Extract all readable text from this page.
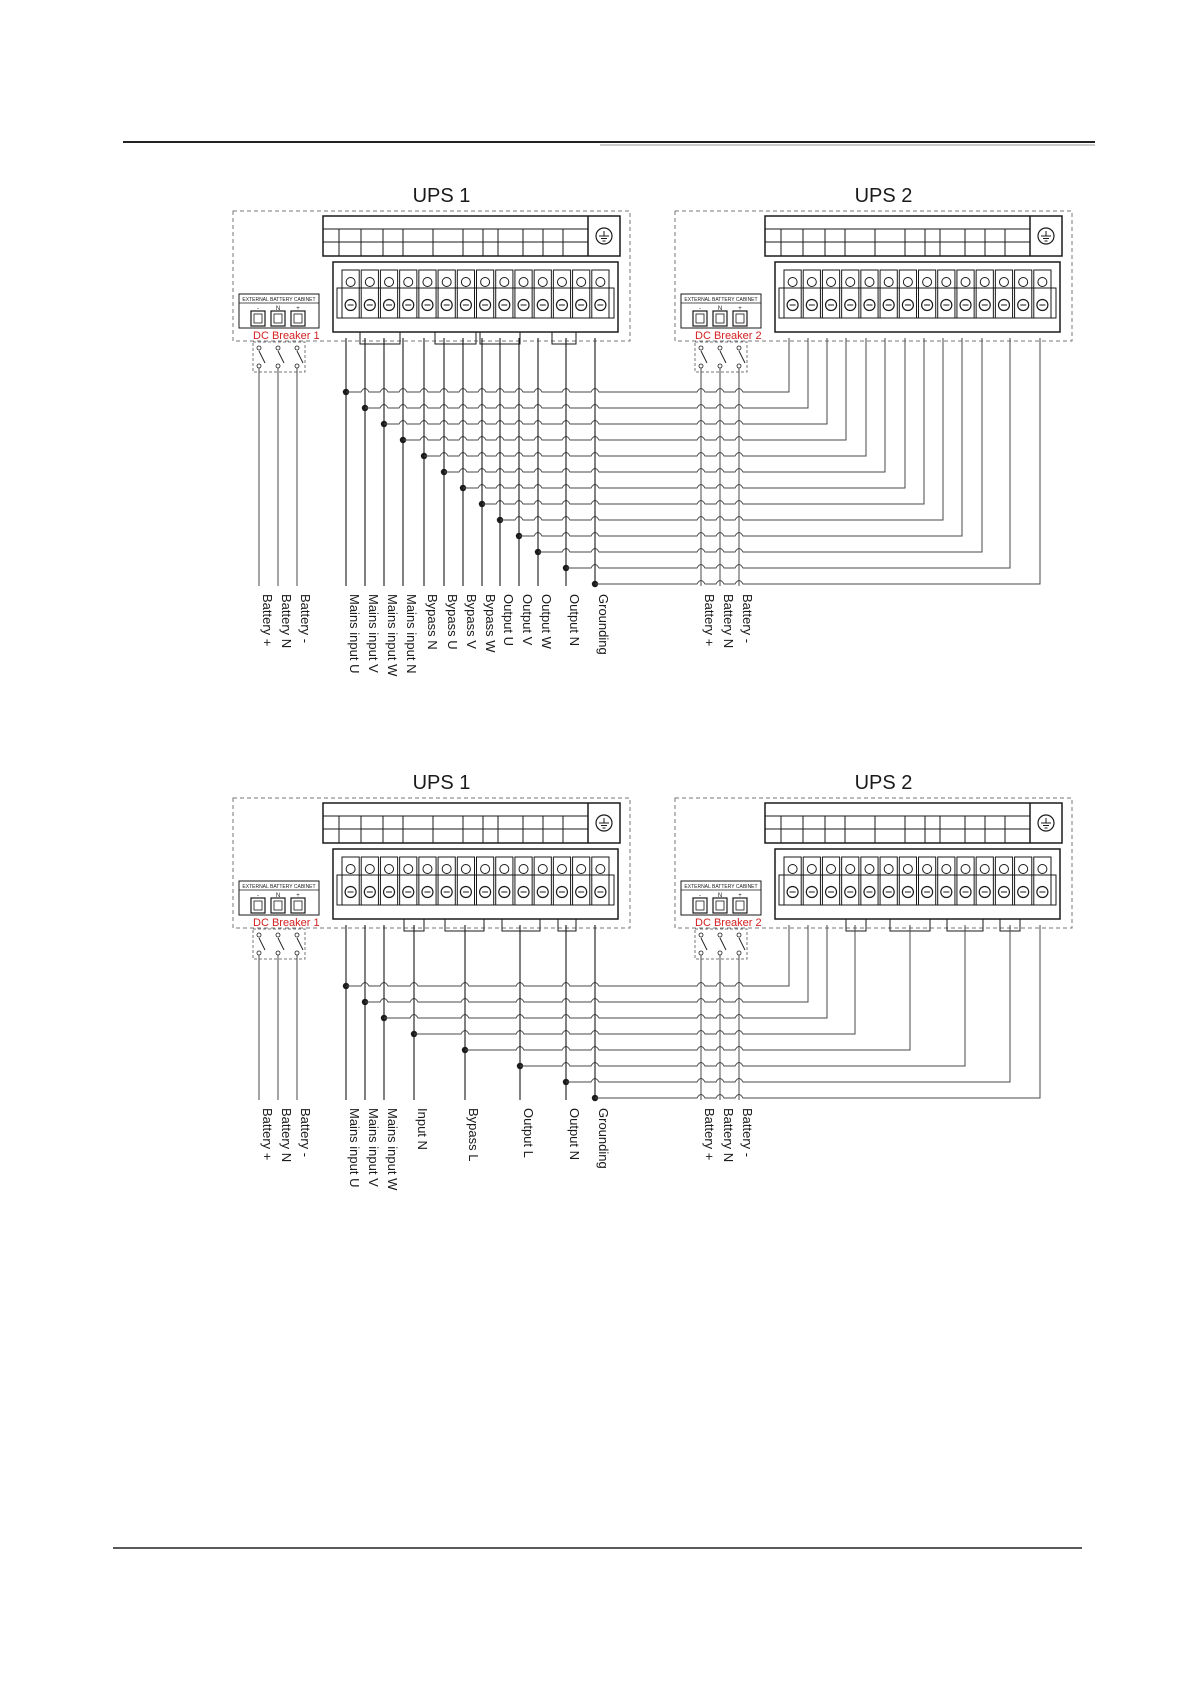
UPS 1
EXTERNAL BATTERY CABINET
-	N	+
DC Breaker 1
UPS 2
EXTERNAL BATTERY CABINET
-	N	+
DC Breaker 2
Battery -
Battery N
Battery +	Battery -
Battery N
Battery +
Mains input U Mains input V Mains input W Mains input N Bypass N Bypass U Bypass V Bypass W Output U Output V Output W Output N Grounding
UPS 1
EXTERNAL BATTERY CABINET
-	N	+
DC Breaker 1
UPS 2
EXTERNAL BATTERY CABINET
-	N	+
DC Breaker 2
Battery -
Battery N
Battery +	Battery -
Battery N
Battery +
Mains input U Mains input V Mains input W Input N	Bypass L	Output L Output N Grounding
